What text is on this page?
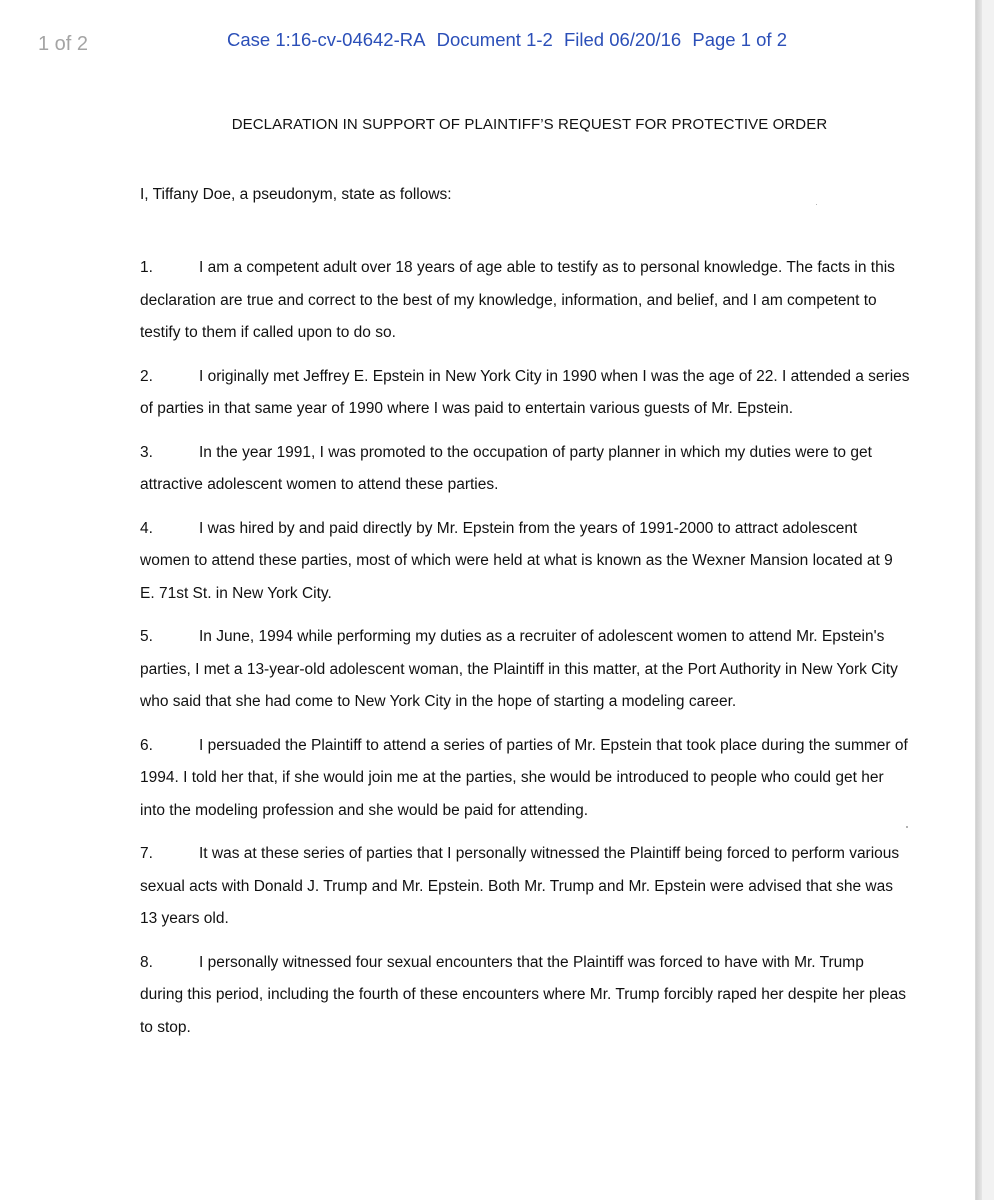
Case 1:16-cv-04642-RA Document 1-2 Filed 06/20/16 Page 1 of 2
DECLARATION IN SUPPORT OF PLAINTIFF’S REQUEST FOR PROTECTIVE ORDER
I, Tiffany Doe, a pseudonym, state as follows:
1.	I am a competent adult over 18 years of age able to testify as to personal knowledge. The facts in this declaration are true and correct to the best of my knowledge, information, and belief, and I am competent to testify to them if called upon to do so.
2.	I originally met Jeffrey E. Epstein in New York City in 1990 when I was the age of 22. I attended a series of parties in that same year of 1990 where I was paid to entertain various guests of Mr. Epstein.
3.	In the year 1991, I was promoted to the occupation of party planner in which my duties were to get attractive adolescent women to attend these parties.
4.	I was hired by and paid directly by Mr. Epstein from the years of 1991-2000 to attract adolescent women to attend these parties, most of which were held at what is known as the Wexner Mansion located at 9 E. 71st St. in New York City.
5.	In June, 1994 while performing my duties as a recruiter of adolescent women to attend Mr. Epstein's parties, I met a 13-year-old adolescent woman, the Plaintiff in this matter, at the Port Authority in New York City who said that she had come to New York City in the hope of starting a modeling career.
6.	I persuaded the Plaintiff to attend a series of parties of Mr. Epstein that took place during the summer of 1994. I told her that, if she would join me at the parties, she would be introduced to people who could get her into the modeling profession and she would be paid for attending.
7.	It was at these series of parties that I personally witnessed the Plaintiff being forced to perform various sexual acts with Donald J. Trump and Mr. Epstein. Both Mr. Trump and Mr. Epstein were advised that she was 13 years old.
8.	I personally witnessed four sexual encounters that the Plaintiff was forced to have with Mr. Trump during this period, including the fourth of these encounters where Mr. Trump forcibly raped her despite her pleas to stop.
1 of 2
